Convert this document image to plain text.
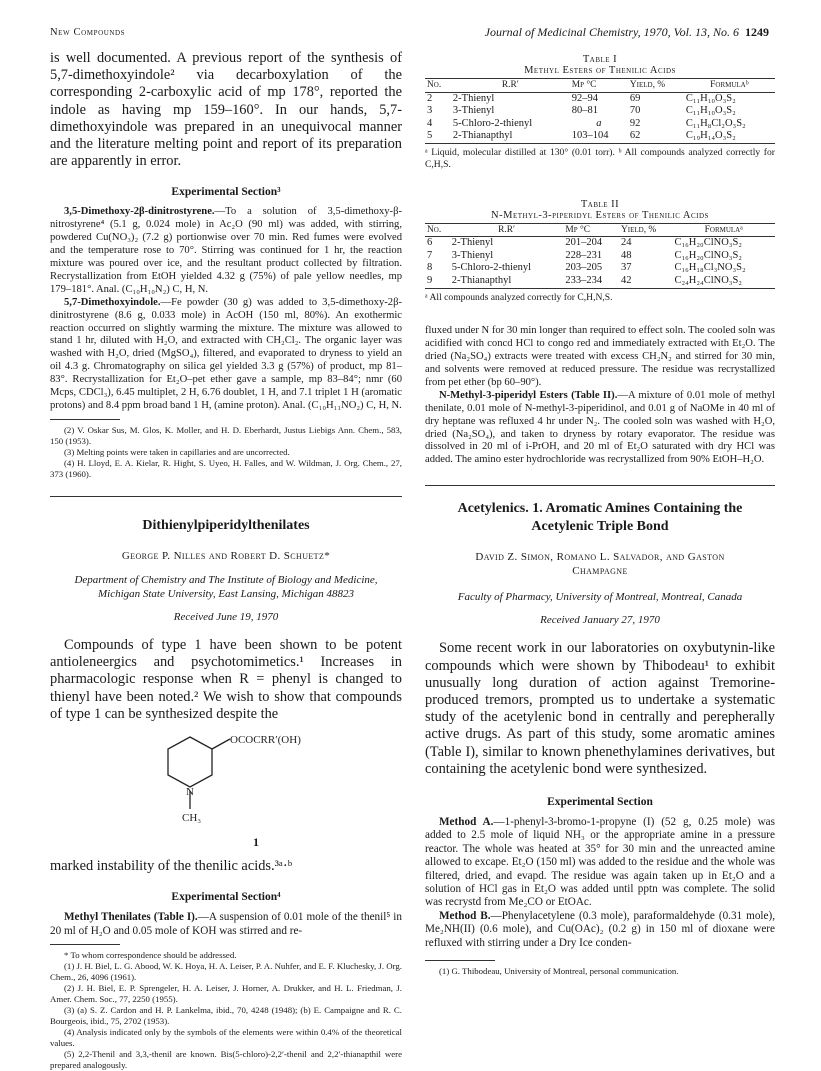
New Compounds	Journal of Medicinal Chemistry, 1970, Vol. 13, No. 6 1249

is well documented. A previous report of the synthesis of 5,7-dimethoxyindole² via decarboxylation of the corresponding 2-carboxylic acid of mp 178°, reported the indole as having mp 159–160°. In our hands, 5,7-dimethoxyindole was prepared in an unequivocal manner and the literature melting point and report of its preparation are apparently in error.

Experimental Section³

3,5-Dimethoxy-2β-dinitrostyrene.—To a solution of 3,5-dimethoxy-β-nitrostyrene⁴ (5.1 g, 0.024 mole) in Ac₂O (90 ml) was added, with stirring, powdered Cu(NO₃)₂ (7.2 g) portionwise over 70 min. Red fumes were evolved and the temperature rose to 70°. Stirring was continued for 1 hr, the reaction mixture was poured over ice, and the resultant product collected by filtration. Recrystallization from EtOH yielded 4.32 g (75%) of pale yellow needles, mp 179–181°. Anal. (C₁₀H₁₀N₂) C, H, N.

5,7-Dimethoxyindole.—Fe powder (30 g) was added to 3,5-dimethoxy-2β-dinitrostyrene (8.6 g, 0.033 mole) in AcOH (150 ml, 80%). An exothermic reaction occurred on slightly warming the mixture. The mixture was allowed to stand 1 hr, diluted with H₂O, and extracted with CH₂Cl₂. The organic layer was washed with H₂O, dried (MgSO₄), filtered, and evaporated to dryness to yield an oil 4.3 g. Chromatography on silica gel yielded 3.3 g (57%) of product, mp 81–83°. Recrystallization for Et₂O–pet ether gave a sample, mp 83–84°; nmr (60 Mcps, CDCl₃), 6.45 multiplet, 2 H, 6.76 doublet, 1 H, and 7.1 triplet 1 H (aromatic protons) and 8.4 ppm broad band 1 H, (amine proton). Anal. (C₁₀H₁₁NO₂) C, H, N.

(2) V. Oskar Sus, M. Glos, K. Moller, and H. D. Eberhardt, Justus Liebigs Ann. Chem., 583, 150 (1953).

(3) Melting points were taken in capillaries and are uncorrected.

(4) H. Lloyd, E. A. Kielar, R. Hight, S. Uyeo, H. Falles, and W. Wildman, J. Org. Chem., 27, 373 (1960).

Dithienylpiperidylthenilates
George P. Nilles and Robert D. Schuetz*
Department of Chemistry and The Institute of Biology and Medicine, Michigan State University, East Lansing, Michigan 48823
Received June 19, 1970

Compounds of type 1 have been shown to be potent antioleneergics and psychotomimetics.¹ Increases in pharmacologic response when R = phenyl is changed to thienyl have been noted.² We wish to show that compounds of type 1 can be synthesized despite the

OCOCRR′(OH)
N
CH₃
1

marked instability of the thenilic acids.³ᵃ·ᵇ

Experimental Section⁴

Methyl Thenilates (Table I).—A suspension of 0.01 mole of the thenil⁵ in 20 ml of H₂O and 0.05 mole of KOH was stirred and re-

* To whom correspondence should be addressed.

(1) J. H. Biel, L. G. Abood, W. K. Hoya, H. A. Leiser, P. A. Nuhfer, and E. F. Kluchesky, J. Org. Chem., 26, 4096 (1961).

(2) J. H. Biel, E. P. Sprengeler, H. A. Leiser, J. Horner, A. Drukker, and H. L. Friedman, J. Amer. Chem. Soc., 77, 2250 (1955).

(3) (a) S. Z. Cardon and H. P. Lankelma, ibid., 70, 4248 (1948); (b) E. Campaigne and R. C. Bourgeois, ibid., 75, 2702 (1953).

(4) Analysis indicated only by the symbols of the elements were within 0.4% of the theoretical values.

(5) 2,2-Thenil and 3,3,-thenil are known. Bis(5-chloro)-2,2′-thenil and 2,2′-thianapthil were prepared analogously.

Table I
Methyl Esters of Thenilic Acids
No.	R.R′	Mp °C	Yield, %	Formulaᵇ
2	2-Thienyl	92–94	69	C₁₁H₁₀O₃S₂
3	3-Thienyl	80–81	70	C₁₁H₁₀O₃S₂
4	5-Chloro-2-thienyl	a	92	C₁₁H₈Cl₂O₃S₂
5	2-Thianapthyl	103–104	62	C₁₉H₁₄O₃S₂

ᵃ Liquid, molecular distilled at 130° (0.01 torr). ᵇ All compounds analyzed correctly for C,H,S.

Table II
N-Methyl-3-piperidyl Esters of Thenilic Acids
No.	R.R′	Mp °C	Yield, %	Formulaᵃ
6	2-Thienyl	201–204	24	C₁₆H₂₀ClNO₃S₂
7	3-Thienyl	228–231	48	C₁₆H₂₀ClNO₃S₂
8	5-Chloro-2-thienyl	203–205	37	C₁₆H₁₈Cl₃NO₃S₂
9	2-Thianapthyl	233–234	42	C₂₄H₂₄ClNO₃S₂

ᵃ All compounds analyzed correctly for C,H,N,S.

fluxed under N for 30 min longer than required to effect soln. The cooled soln was acidified with concd HCl to congo red and immediately extracted with Et₂O. The dried (Na₂SO₄) extracts were treated with excess CH₂N₂ and stirred for 30 min, and solvents were removed at reduced pressure. The residue was recrystallized from pet ether (bp 60–90°).

N-Methyl-3-piperidyl Esters (Table II).—A mixture of 0.01 mole of methyl thenilate, 0.01 mole of N-methyl-3-piperidinol, and 0.01 g of NaOMe in 40 ml of dry heptane was refluxed 4 hr under N₂. The cooled soln was washed with H₂O, dried (Na₂SO₄), and taken to dryness by rotary evaporator. The residue was dissolved in 20 ml of i-PrOH, and 20 ml of Et₂O saturated with dry HCl was added. The amino ester hydrochloride was recrystallized from 90% EtOH–H₂O.

Acetylenics. 1. Aromatic Amines Containing the Acetylenic Triple Bond
David Z. Simon, Romano L. Salvador, and Gaston Champagne
Faculty of Pharmacy, University of Montreal, Montreal, Canada
Received January 27, 1970

Some recent work in our laboratories on oxybutynin-like compounds which were shown by Thibodeau¹ to exhibit unusually long duration of action against Tremorine-produced tremors, prompted us to undertake a systematic study of the acetylenic bond in centrally and perepherally active drugs. As part of this study, some aromatic amines (Table I), similar to known phenethylamines derivatives, but containing the acetylenic bond were synthesized.

Experimental Section

Method A.—1-phenyl-3-bromo-1-propyne (I) (52 g, 0.25 mole) was added to 2.5 mole of liquid NH₃ or the appropriate amine in a pressure reactor. The whole was heated at 35° for 30 min and the unreacted amine allowed to excape. Et₂O (150 ml) was added to the residue and the whole was filtered, dried, and evapd. The residue was again taken up in Et₂O and a solution of HCl gas in Et₂O was added until pptn was complete. The solid was recrystd from Me₂CO or EtOAc.

Method B.—Phenylacetylene (0.3 mole), paraformaldehyde (0.31 mole), Me₂NH(II) (0.6 mole), and Cu(OAc)₂ (0.2 g) in 150 ml of dioxane were refluxed with stirring under a Dry Ice conden-

(1) G. Thibodeau, University of Montreal, personal communication.
